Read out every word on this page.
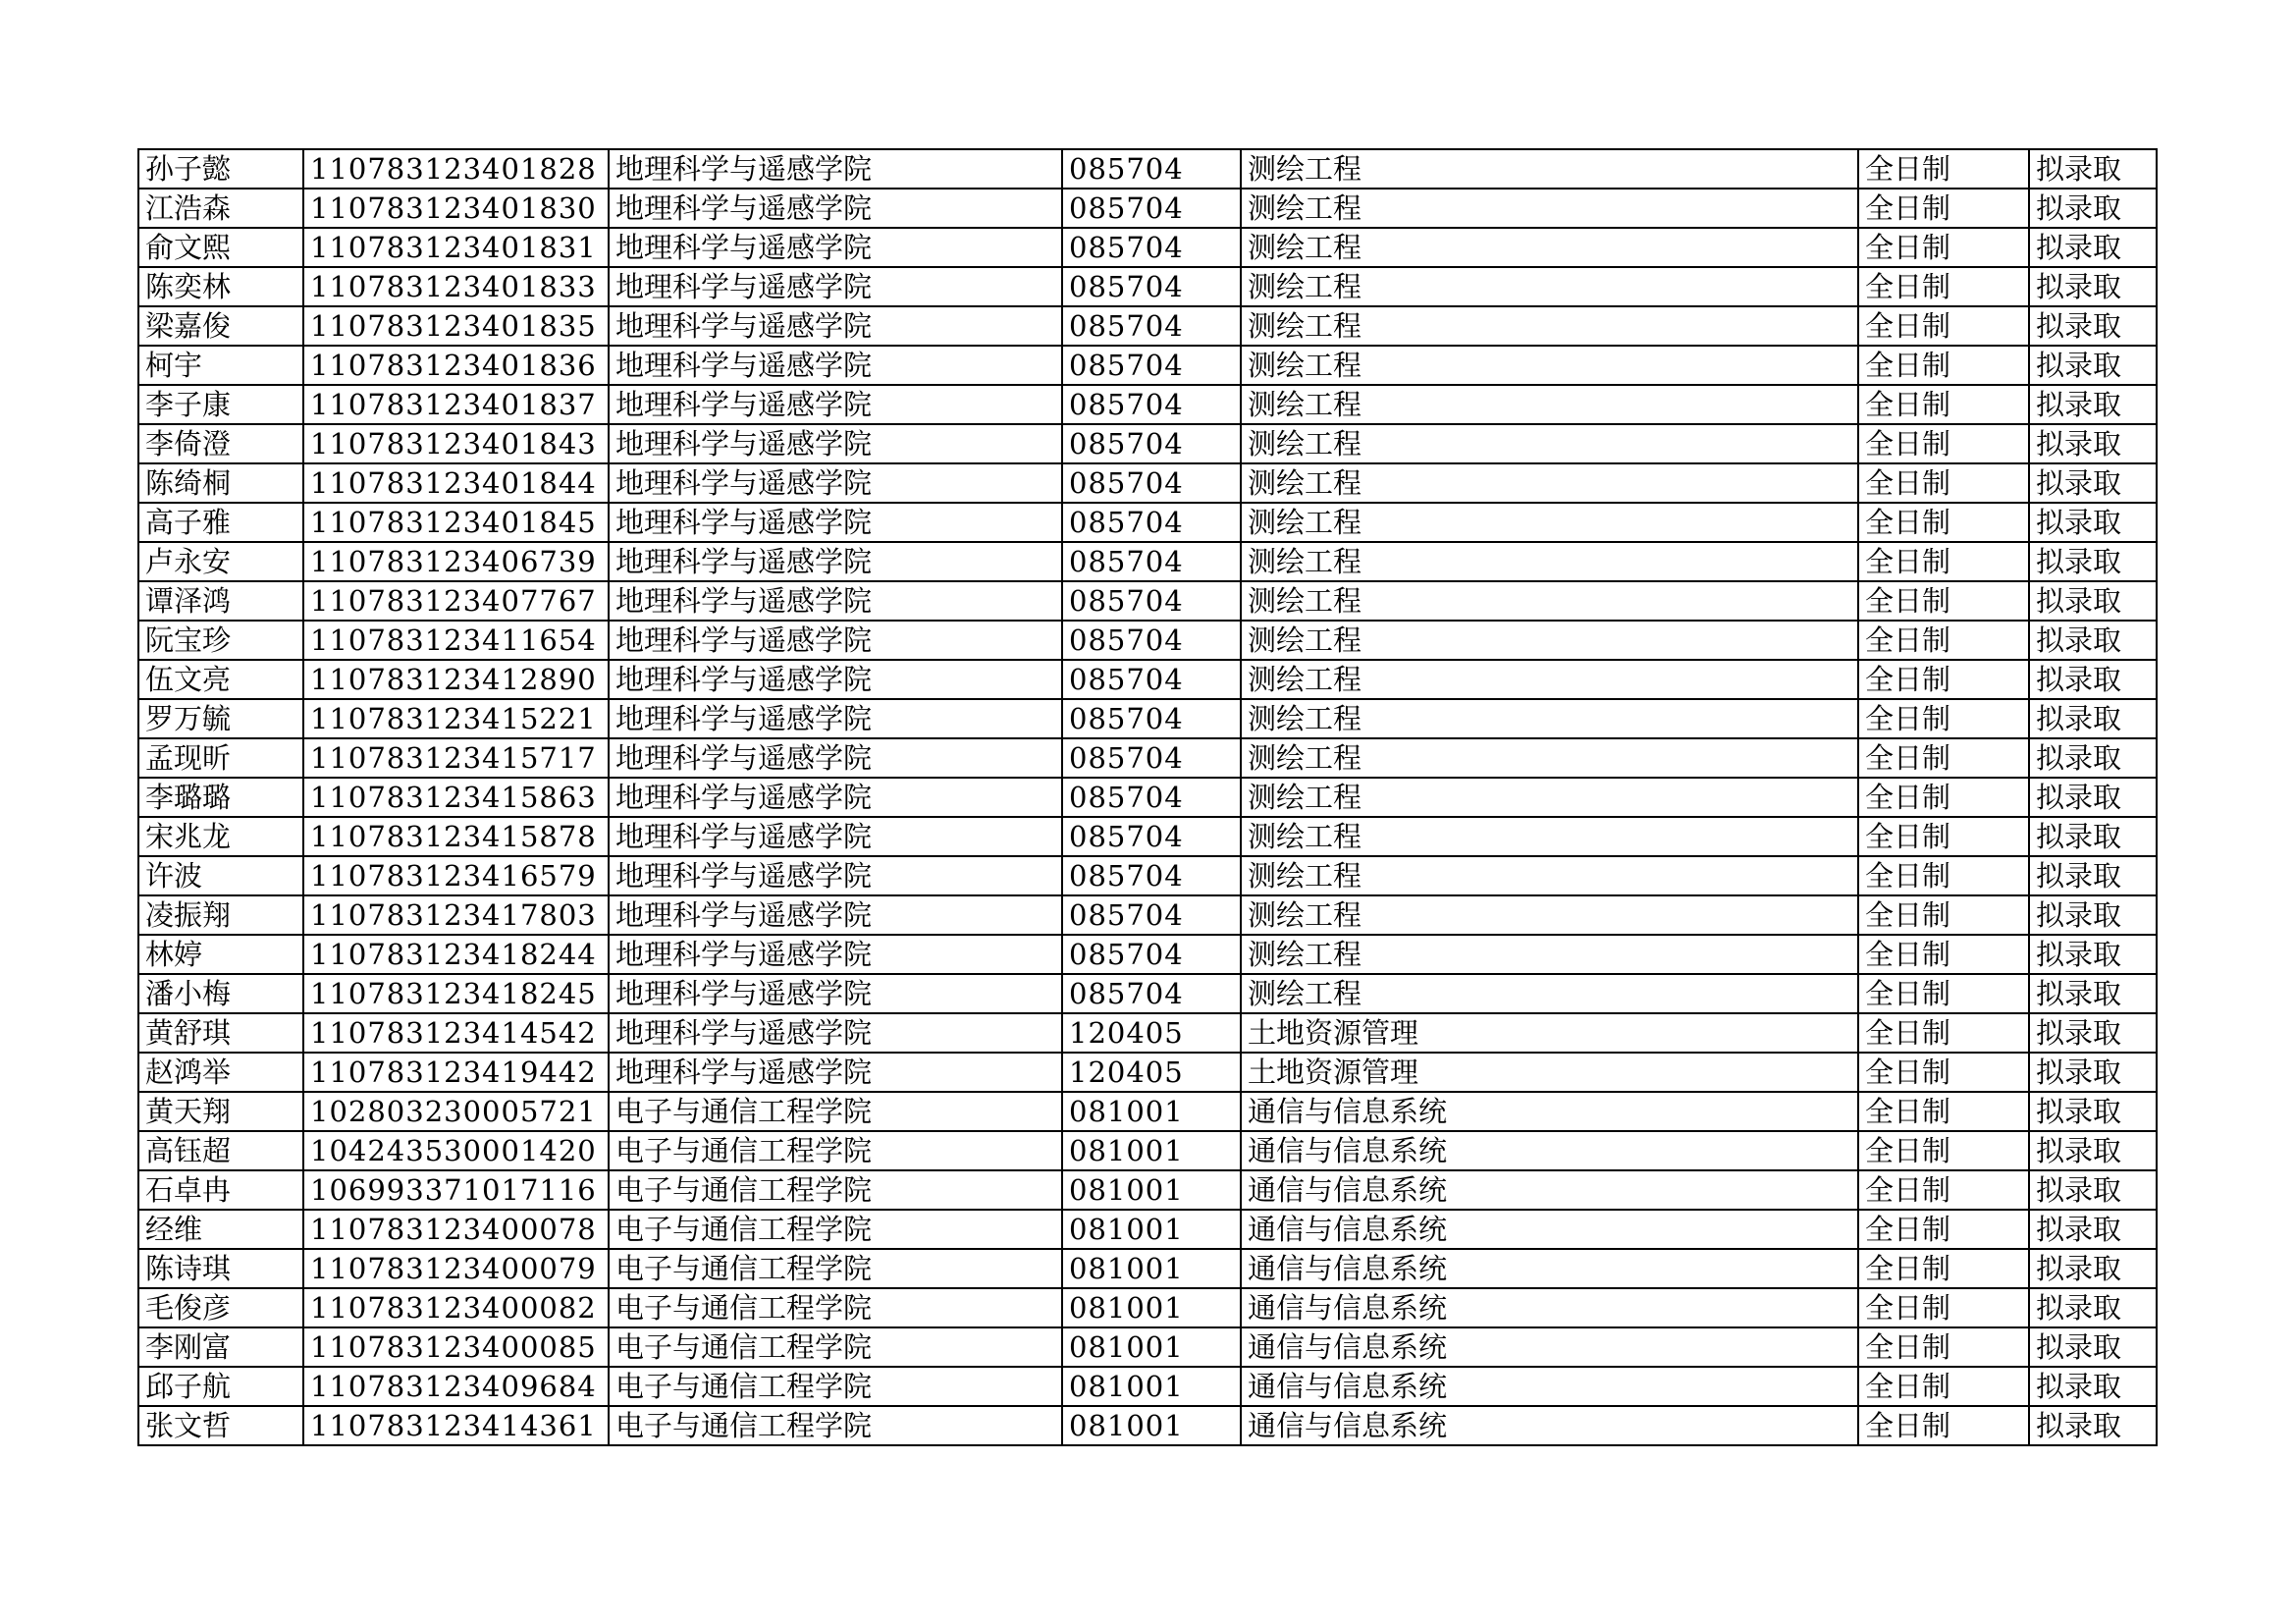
孙子懿	110783123401828	地理科学与遥感学院	085704	测绘工程	全日制	拟录取
江浩森	110783123401830	地理科学与遥感学院	085704	测绘工程	全日制	拟录取
俞文熙	110783123401831	地理科学与遥感学院	085704	测绘工程	全日制	拟录取
陈奕林	110783123401833	地理科学与遥感学院	085704	测绘工程	全日制	拟录取
梁嘉俊	110783123401835	地理科学与遥感学院	085704	测绘工程	全日制	拟录取
柯宇	110783123401836	地理科学与遥感学院	085704	测绘工程	全日制	拟录取
李子康	110783123401837	地理科学与遥感学院	085704	测绘工程	全日制	拟录取
李倚澄	110783123401843	地理科学与遥感学院	085704	测绘工程	全日制	拟录取
陈绮桐	110783123401844	地理科学与遥感学院	085704	测绘工程	全日制	拟录取
高子雅	110783123401845	地理科学与遥感学院	085704	测绘工程	全日制	拟录取
卢永安	110783123406739	地理科学与遥感学院	085704	测绘工程	全日制	拟录取
谭泽鸿	110783123407767	地理科学与遥感学院	085704	测绘工程	全日制	拟录取
阮宝珍	110783123411654	地理科学与遥感学院	085704	测绘工程	全日制	拟录取
伍文亮	110783123412890	地理科学与遥感学院	085704	测绘工程	全日制	拟录取
罗万毓	110783123415221	地理科学与遥感学院	085704	测绘工程	全日制	拟录取
孟现昕	110783123415717	地理科学与遥感学院	085704	测绘工程	全日制	拟录取
李璐璐	110783123415863	地理科学与遥感学院	085704	测绘工程	全日制	拟录取
宋兆龙	110783123415878	地理科学与遥感学院	085704	测绘工程	全日制	拟录取
许波	110783123416579	地理科学与遥感学院	085704	测绘工程	全日制	拟录取
凌振翔	110783123417803	地理科学与遥感学院	085704	测绘工程	全日制	拟录取
林婷	110783123418244	地理科学与遥感学院	085704	测绘工程	全日制	拟录取
潘小梅	110783123418245	地理科学与遥感学院	085704	测绘工程	全日制	拟录取
黄舒琪	110783123414542	地理科学与遥感学院	120405	土地资源管理	全日制	拟录取
赵鸿举	110783123419442	地理科学与遥感学院	120405	土地资源管理	全日制	拟录取
黄天翔	102803230005721	电子与通信工程学院	081001	通信与信息系统	全日制	拟录取
高钰超	104243530001420	电子与通信工程学院	081001	通信与信息系统	全日制	拟录取
石卓冉	106993371017116	电子与通信工程学院	081001	通信与信息系统	全日制	拟录取
经维	110783123400078	电子与通信工程学院	081001	通信与信息系统	全日制	拟录取
陈诗琪	110783123400079	电子与通信工程学院	081001	通信与信息系统	全日制	拟录取
毛俊彦	110783123400082	电子与通信工程学院	081001	通信与信息系统	全日制	拟录取
李刚富	110783123400085	电子与通信工程学院	081001	通信与信息系统	全日制	拟录取
邱子航	110783123409684	电子与通信工程学院	081001	通信与信息系统	全日制	拟录取
张文哲	110783123414361	电子与通信工程学院	081001	通信与信息系统	全日制	拟录取
